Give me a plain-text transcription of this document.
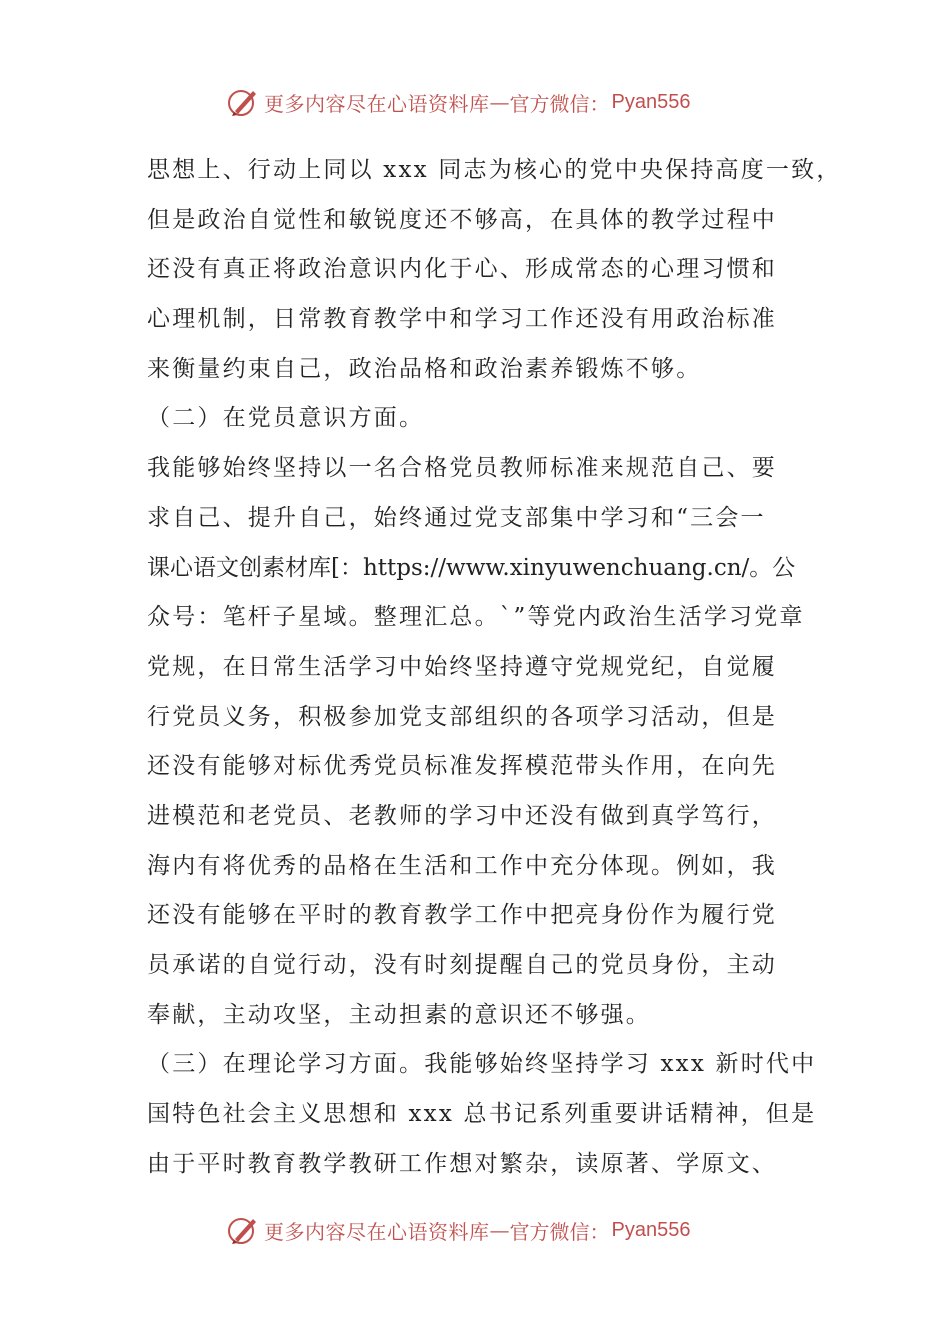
更多内容尽在心语资料库 — 官方微信： Pyan556
思想上、行动上同以 xxx 同志为核心的党中央保持高度一致，
但是政治自觉性和敏锐度还不够高，在具体的教学过程中
还没有真正将政治意识内化于心、形成常态的心理习惯和
心理机制，日常教育教学中和学习工作还没有用政治标准
来衡量约束自己，政治品格和政治素养锻炼不够。
（二）在党员意识方面。
我能够始终坚持以一名合格党员教师标准来规范自己、要
求自己、提升自己，始终通过党支部集中学习和“三会一
课心语文创素材库[：https://www.xinyuwenchuang.cn/。公
众号：笔杆子星域。整理汇总。`”等党内政治生活学习党章
党规，在日常生活学习中始终坚持遵守党规党纪，自觉履
行党员义务，积极参加党支部组织的各项学习活动，但是
还没有能够对标优秀党员标准发挥模范带头作用，在向先
进模范和老党员、老教师的学习中还没有做到真学笃行，
海内有将优秀的品格在生活和工作中充分体现。例如，我
还没有能够在平时的教育教学工作中把亮身份作为履行党
员承诺的自觉行动，没有时刻提醒自己的党员身份，主动
奉献，主动攻坚，主动担素的意识还不够强。
（三）在理论学习方面。我能够始终坚持学习 xxx 新时代中
国特色社会主义思想和 xxx 总书记系列重要讲话精神，但是
由于平时教育教学教研工作想对繁杂，读原著、学原文、
更多内容尽在心语资料库 — 官方微信： Pyan556
